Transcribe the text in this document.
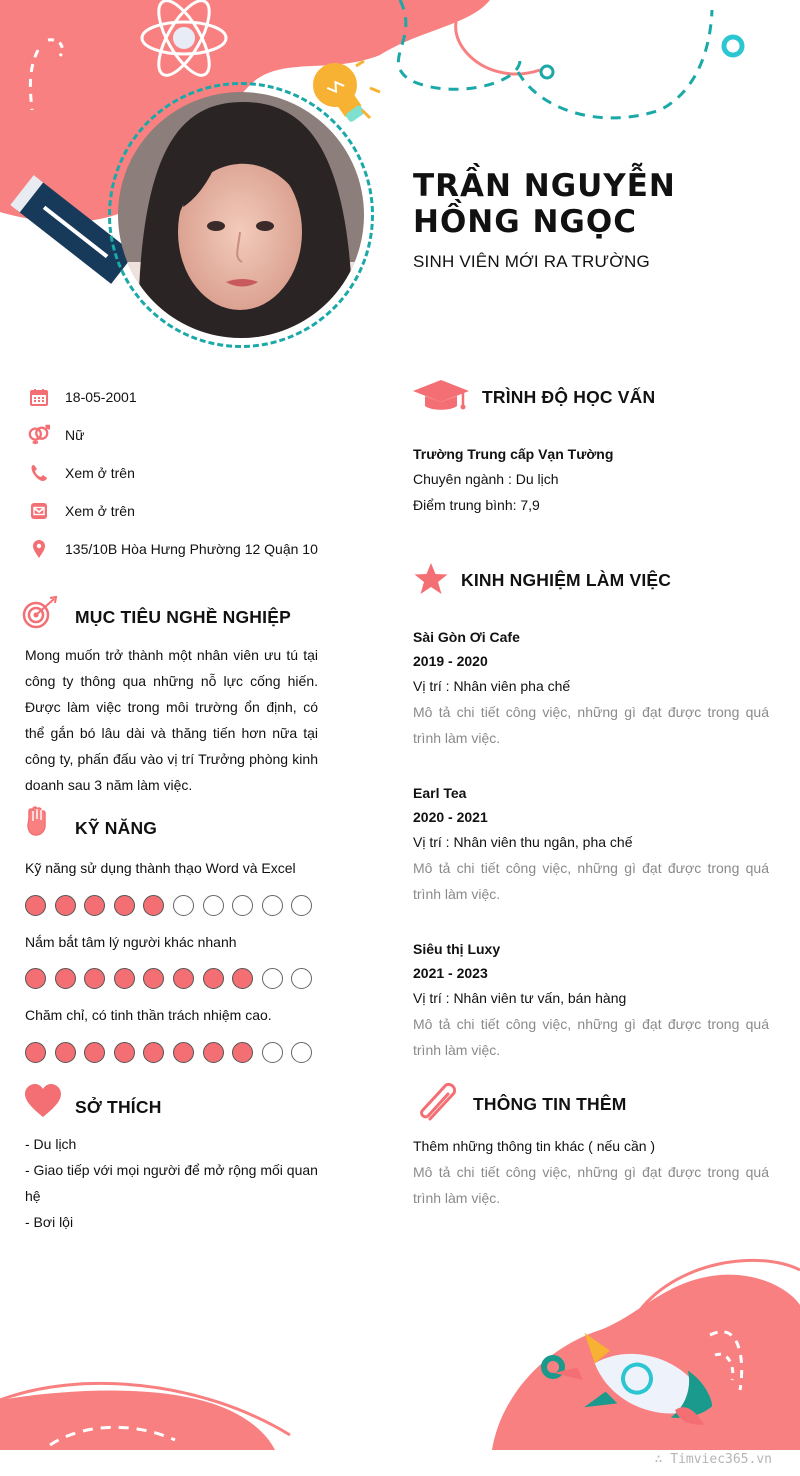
TRẦN NGUYỄN HỒNG NGỌC
SINH VIÊN MỚI RA TRƯỜNG
18-05-2001
Nữ
Xem ở trên
Xem ở trên
135/10B Hòa Hưng Phường 12 Quận 10
MỤC TIÊU NGHỀ NGHIỆP
Mong muốn trở thành một nhân viên ưu tú tại công ty thông qua những nỗ lực cống hiến. Được làm việc trong môi trường ổn định, có thể gắn bó lâu dài và thăng tiến hơn nữa tại công ty, phấn đấu vào vị trí Trưởng phòng kinh doanh sau 3 năm làm việc.
KỸ NĂNG
Kỹ năng sử dụng thành thạo Word và Excel
Nắm bắt tâm lý người khác nhanh
Chăm chỉ, có tinh thần trách nhiệm cao.
SỞ THÍCH
- Du lịch
- Giao tiếp với mọi người để mở rộng mối quan hệ
- Bơi lội
TRÌNH ĐỘ HỌC VẤN
Trường Trung cấp Vạn Tường
Chuyên ngành : Du lịch
Điểm trung bình: 7,9
KINH NGHIỆM LÀM VIỆC
Sài Gòn Ơi Cafe
2019 - 2020
Vị trí : Nhân viên pha chế
Mô tả chi tiết công việc, những gì đạt được trong quá trình làm việc.
Earl Tea
2020 - 2021
Vị trí : Nhân viên thu ngân, pha chế
Mô tả chi tiết công việc, những gì đạt được trong quá trình làm việc.
Siêu thị Luxy
2021 - 2023
Vị trí : Nhân viên tư vấn, bán hàng
Mô tả chi tiết công việc, những gì đạt được trong quá trình làm việc.
THÔNG TIN THÊM
Thêm những thông tin khác ( nếu cần )
Mô tả chi tiết công việc, những gì đạt được trong quá trình làm việc.
∴ Timviec365.vn
